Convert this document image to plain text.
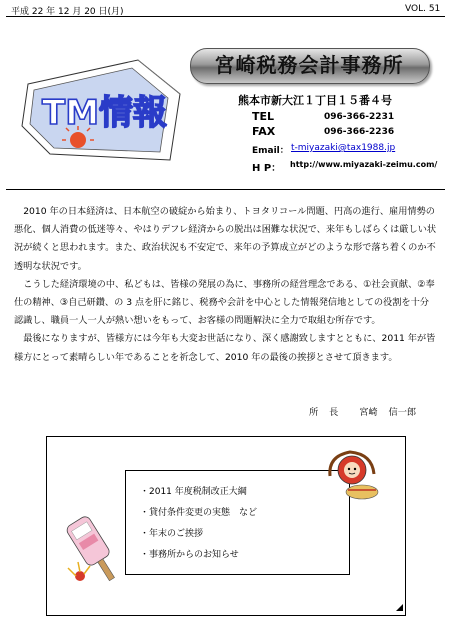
平成 22 年 12 月 20 日(月)	VOL. 51
TM情報
宮崎税務会計事務所
熊本市新大江１丁目１５番４号
TEL	096-366-2231
FAX	096-366-2236
Email： t-miyazaki@tax1988.jp
H P： http://www.miyazaki-zeimu.com/

2010 年の日本経済は、日本航空の破綻から始まり、トヨタリコール問題、円高の進行、雇用情勢の悪化、個人消費の低迷等々、やはりデフレ経済からの脱出は困難な状況で、来年もしばらくは厳しい状況が続くと思われます。また、政治状況も不安定で、来年の予算成立がどのような形で落ち着くのか不透明な状況です。

こうした経済環境の中、私どもは、皆様の発展の為に、事務所の経営理念である、①社会貢献、②奉仕の精神、③自己研鑽、の 3 点を肝に銘じ、税務や会計を中心とした情報発信地としての役割を十分認識し、職員一人一人が熱い想いをもって、お客様の問題解決に全力で取組む所存です。

最後になりますが、皆様方には今年も大変お世話になり、深く感謝致しますとともに、2011 年が皆様方にとって素晴らしい年であることを祈念して、2010 年の最後の挨拶とさせて頂きます。

所 長 宮崎 信一郎
・2011 年度税制改正大綱
・貸付条件変更の実態　など
・年末のご挨拶
・事務所からのお知らせ
